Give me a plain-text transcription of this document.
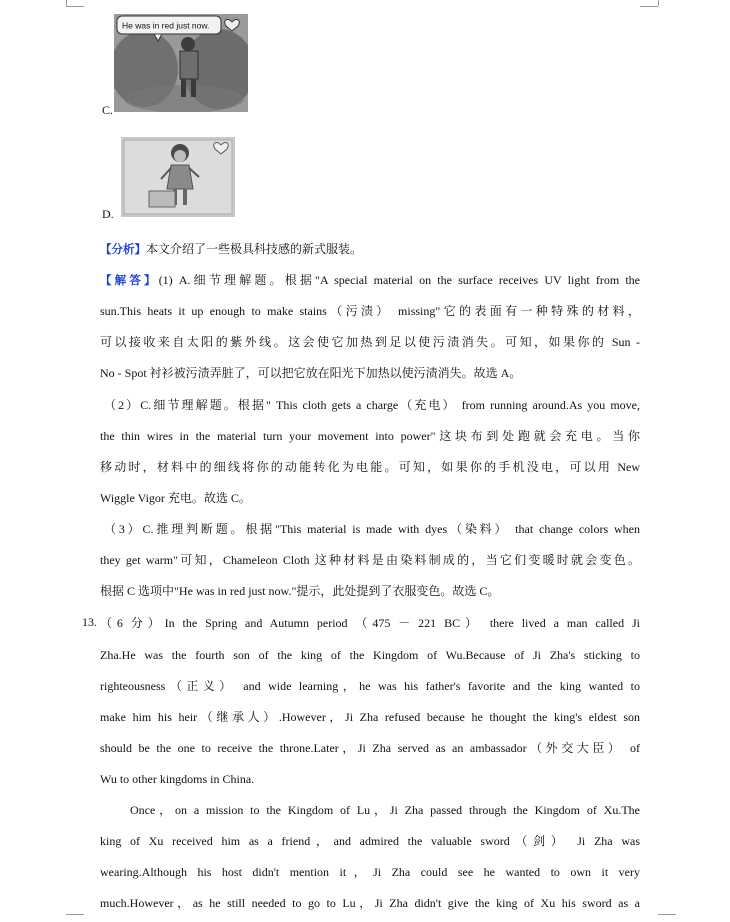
He was in red just now.
C.
D.
【分析】本文介绍了一些极具科技感的新式服装。
【解答】(1) A.细节理解题。根据"A special material on the surface receives UV light from the
sun.This heats it up enough to make stains（污渍） missing"它的表面有一种特殊的材料，
可以接收来自太阳的紫外线。这会使它加热到足以使污渍消失。可知，如果你的 Sun -
No - Spot 衬衫被污渍弄脏了，可以把它放在阳光下加热以使污渍消失。故选 A。
（2）C.细节理解题。根据" This cloth gets a charge（充电） from running around.As you move,
the thin wires in the material turn your movement into power"这块布到处跑就会充电。当你
移动时，材料中的细线将你的动能转化为电能。可知，如果你的手机没电，可以用 New
Wiggle Vigor 充电。故选 C。
（3）C.推理判断题。根据"This material is made with dyes（染料） that change colors when
they get warm"可知，Chameleon Cloth 这种材料是由染料制成的，当它们变暖时就会变色。
根据 C 选项中"He was in red just now."提示，此处提到了衣服变色。故选 C。
13. （6 分）In the Spring and Autumn period （475 － 221 BC） there lived a man called Ji
Zha.He was the fourth son of the king of the Kingdom of Wu.Because of Ji Zha's sticking to
righteousness（正义） and wide learning，he was his father's favorite and the king wanted to
make him his heir（继承人）.However，Ji Zha refused because he thought the king's eldest son
should be the one to receive the throne.Later，Ji Zha served as an ambassador（外交大臣） of
Wu to other kingdoms in China.
Once，on a mission to the Kingdom of Lu，Ji Zha passed through the Kingdom of Xu.The
king of Xu received him as a friend，and admired the valuable sword（剑） Ji Zha was
wearing.Although his host didn't mention it，Ji Zha could see he wanted to own it very
much.However，as he still needed to go to Lu，Ji Zha didn't give the king of Xu his sword as a
